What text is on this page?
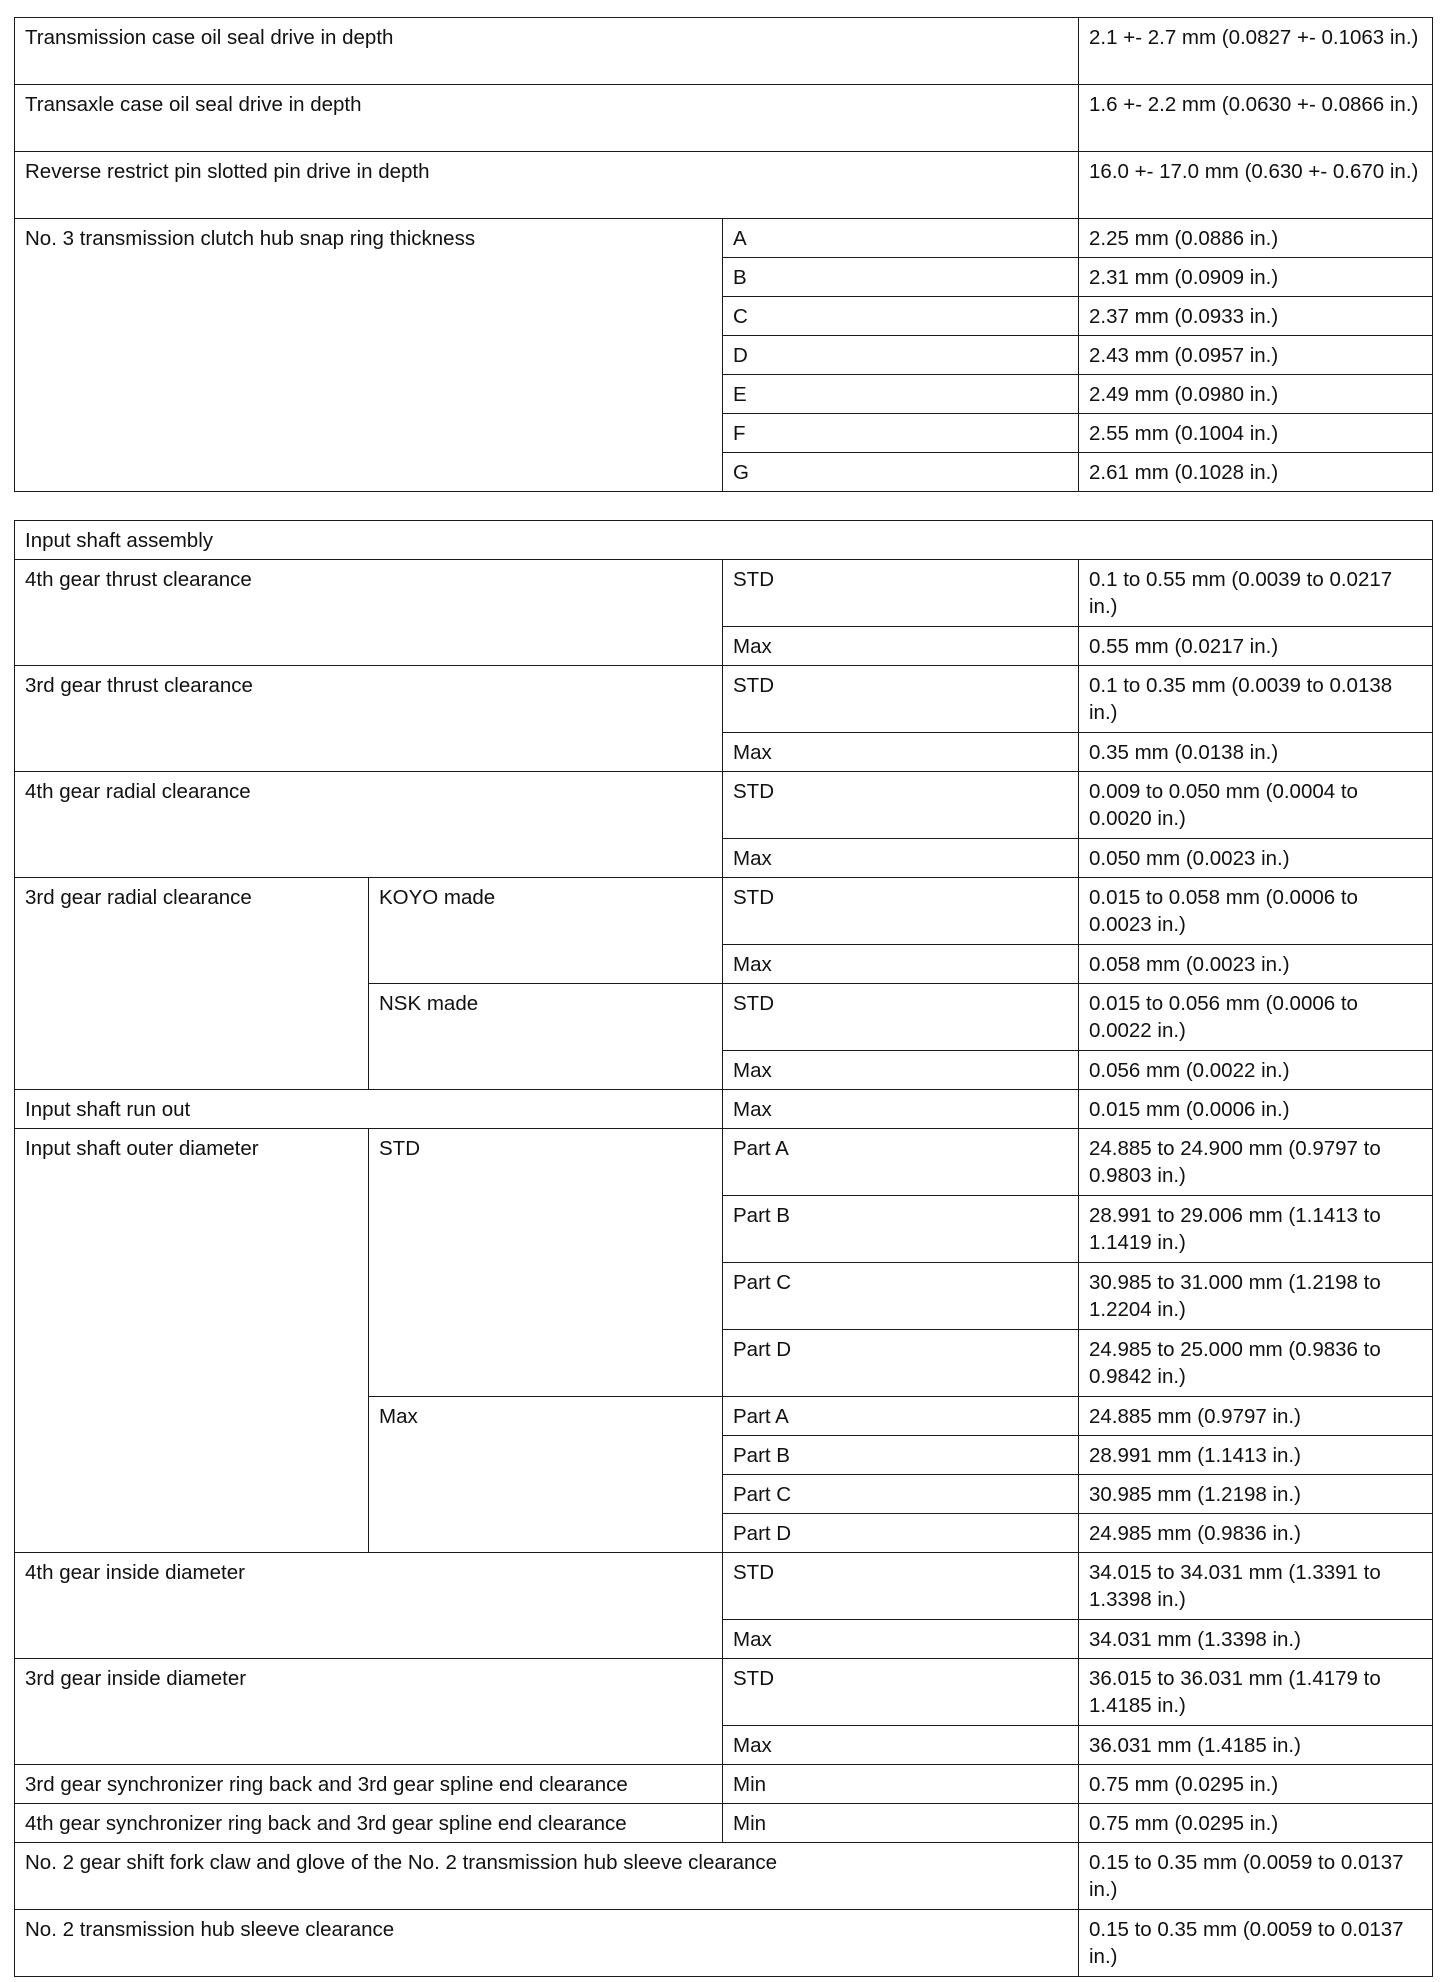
Transmission case oil seal drive in depth		2.1 +- 2.7 mm (0.0827 +- 0.1063 in.)
Transaxle case oil seal drive in depth		1.6 +- 2.2 mm (0.0630 +- 0.0866 in.)
Reverse restrict pin slotted pin drive in depth		16.0 +- 17.0 mm (0.630 +- 0.670 in.)
No. 3 transmission clutch hub snap ring thickness	A	2.25 mm (0.0886 in.)
	B	2.31 mm (0.0909 in.)
	C	2.37 mm (0.0933 in.)
	D	2.43 mm (0.0957 in.)
	E	2.49 mm (0.0980 in.)
	F	2.55 mm (0.1004 in.)
	G	2.61 mm (0.1028 in.)
Input shaft assembly			
4th gear thrust clearance		STD	0.1 to 0.55 mm (0.0039 to 0.0217 in.)
		Max	0.55 mm (0.0217 in.)
3rd gear thrust clearance		STD	0.1 to 0.35 mm (0.0039 to 0.0138 in.)
		Max	0.35 mm (0.0138 in.)
4th gear radial clearance		STD	0.009 to 0.050 mm (0.0004 to 0.0020 in.)
		Max	0.050 mm (0.0023 in.)
3rd gear radial clearance	KOYO made	STD	0.015 to 0.058 mm (0.0006 to 0.0023 in.)
		Max	0.058 mm (0.0023 in.)
	NSK made	STD	0.015 to 0.056 mm (0.0006 to 0.0022 in.)
		Max	0.056 mm (0.0022 in.)
Input shaft run out		Max	0.015 mm (0.0006 in.)
Input shaft outer diameter	STD	Part A	24.885 to 24.900 mm (0.9797 to 0.9803 in.)
		Part B	28.991 to 29.006 mm (1.1413 to 1.1419 in.)
		Part C	30.985 to 31.000 mm (1.2198 to 1.2204 in.)
		Part D	24.985 to 25.000 mm (0.9836 to 0.9842 in.)
	Max	Part A	24.885 mm (0.9797 in.)
		Part B	28.991 mm (1.1413 in.)
		Part C	30.985 mm (1.2198 in.)
		Part D	24.985 mm (0.9836 in.)
4th gear inside diameter		STD	34.015 to 34.031 mm (1.3391 to 1.3398 in.)
		Max	34.031 mm (1.3398 in.)
3rd gear inside diameter		STD	36.015 to 36.031 mm (1.4179 to 1.4185 in.)
		Max	36.031 mm (1.4185 in.)
3rd gear synchronizer ring back and 3rd gear spline end clearance		Min	0.75 mm (0.0295 in.)
4th gear synchronizer ring back and 3rd gear spline end clearance		Min	0.75 mm (0.0295 in.)
No. 2 gear shift fork claw and glove of the No. 2 transmission hub sleeve clearance			0.15 to 0.35 mm (0.0059 to 0.0137 in.)
No. 2 transmission hub sleeve clearance			0.15 to 0.35 mm (0.0059 to 0.0137 in.)
